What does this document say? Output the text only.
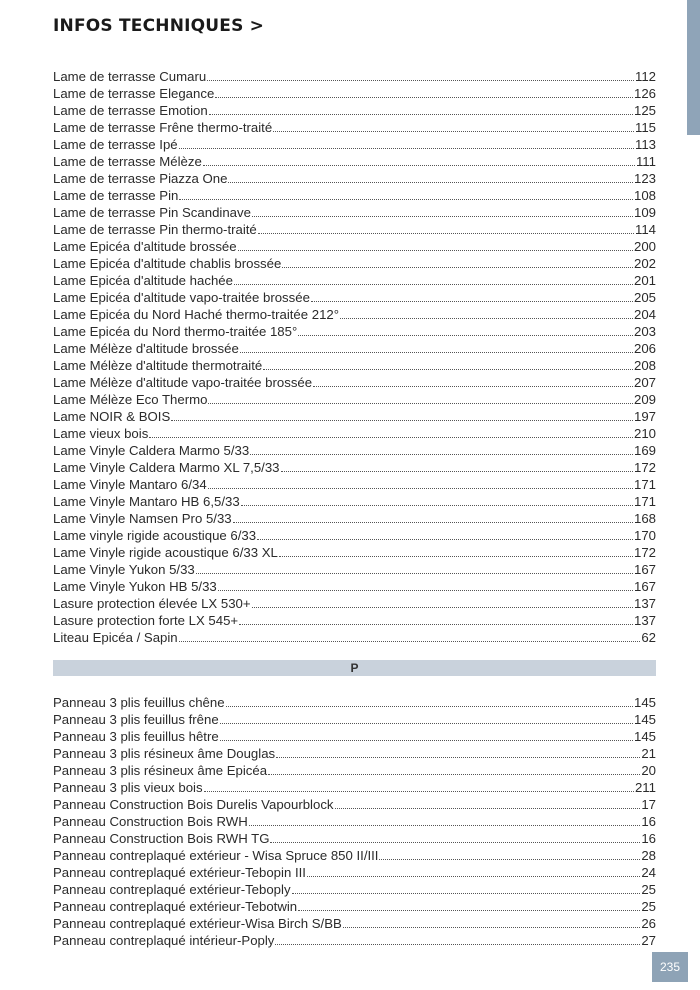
INFOS TECHNIQUES >
Lame de terrasse Cumaru	112
Lame de terrasse Elegance	126
Lame de terrasse Emotion	125
Lame de terrasse Frêne thermo-traité	115
Lame de terrasse Ipé	113
Lame de terrasse Mélèze	111
Lame de terrasse Piazza One	123
Lame de terrasse Pin	108
Lame de terrasse Pin Scandinave	109
Lame de terrasse Pin thermo-traité	114
Lame Epicéa d'altitude brossée	200
Lame Epicéa d'altitude chablis brossée	202
Lame Epicéa d'altitude hachée	201
Lame Epicéa d'altitude vapo-traitée brossée	205
Lame Epicéa du Nord Haché thermo-traitée 212°	204
Lame Epicéa du Nord thermo-traitée 185°	203
Lame Mélèze d'altitude brossée	206
Lame Mélèze d'altitude thermotraité	208
Lame Mélèze d'altitude vapo-traitée brossée	207
Lame Mélèze Eco Thermo	209
Lame NOIR & BOIS	197
Lame vieux bois	210
Lame Vinyle Caldera Marmo 5/33	169
Lame Vinyle Caldera Marmo XL 7,5/33	172
Lame Vinyle Mantaro 6/34	171
Lame Vinyle Mantaro HB 6,5/33	171
Lame Vinyle Namsen Pro 5/33	168
Lame vinyle rigide acoustique 6/33	170
Lame Vinyle rigide acoustique 6/33 XL	172
Lame Vinyle Yukon 5/33	167
Lame Vinyle Yukon HB 5/33	167
Lasure protection élevée LX 530+	137
Lasure protection forte LX 545+	137
Liteau Epicéa / Sapin	62
P
Panneau 3 plis feuillus chêne	145
Panneau 3 plis feuillus frêne	145
Panneau 3 plis feuillus hêtre	145
Panneau 3 plis résineux âme Douglas	21
Panneau 3 plis résineux âme Epicéa	20
Panneau 3 plis vieux bois	211
Panneau Construction Bois Durelis Vapourblock	17
Panneau Construction Bois RWH	16
Panneau Construction Bois RWH TG	16
Panneau contreplaqué extérieur - Wisa Spruce 850 II/III	28
Panneau contreplaqué extérieur-Tebopin III	24
Panneau contreplaqué extérieur-Teboply	25
Panneau contreplaqué extérieur-Tebotwin	25
Panneau contreplaqué extérieur-Wisa Birch S/BB	26
Panneau contreplaqué intérieur-Poply	27
235
